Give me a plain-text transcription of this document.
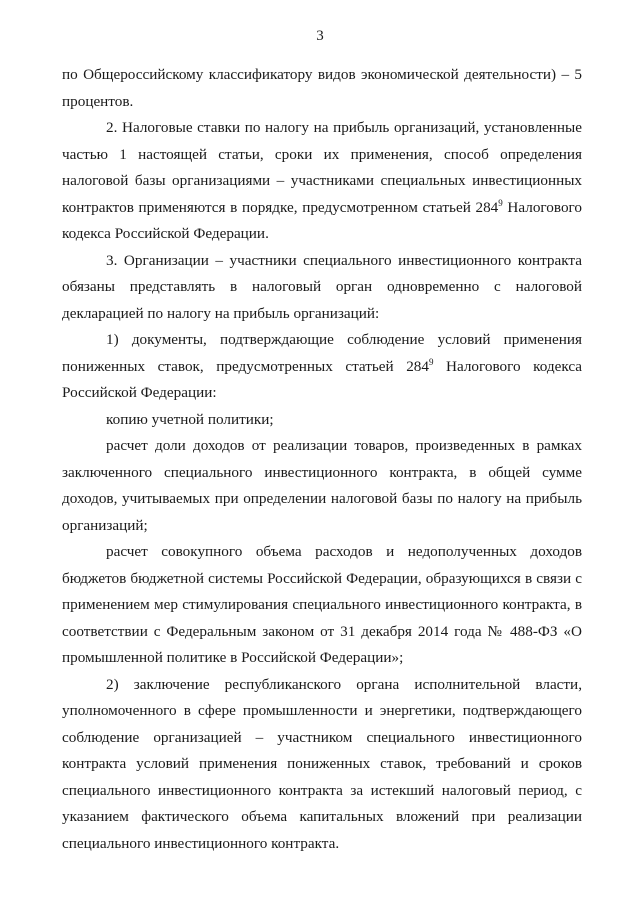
3

по Общероссийскому классификатору видов экономической деятельности) – 5 процентов.

2. Налоговые ставки по налогу на прибыль организаций, установленные частью 1 настоящей статьи, сроки их применения, способ определения налоговой базы организациями – участниками специальных инвестиционных контрактов применяются в порядке, предусмотренном статьей $284^9$ Налогового кодекса Российской Федерации.

3. Организации – участники специального инвестиционного контракта обязаны представлять в налоговый орган одновременно с налоговой декларацией по налогу на прибыль организаций:

1) документы, подтверждающие соблюдение условий применения пониженных ставок, предусмотренных статьей $284^9$ Налогового кодекса Российской Федерации:

копию учетной политики;

расчет доли доходов от реализации товаров, произведенных в рамках заключенного специального инвестиционного контракта, в общей сумме доходов, учитываемых при определении налоговой базы по налогу на прибыль организаций;

расчет совокупного объема расходов и недополученных доходов бюджетов бюджетной системы Российской Федерации, образующихся в связи с применением мер стимулирования специального инвестиционного контракта, в соответствии с Федеральным законом от 31 декабря 2014 года № 488-ФЗ «О промышленной политике в Российской Федерации»;

2) заключение республиканского органа исполнительной власти, уполномоченного в сфере промышленности и энергетики, подтверждающего соблюдение организацией – участником специального инвестиционного контракта условий применения пониженных ставок, требований и сроков специального инвестиционного контракта за истекший налоговый период, с указанием фактического объема капитальных вложений при реализации специального инвестиционного контракта.
